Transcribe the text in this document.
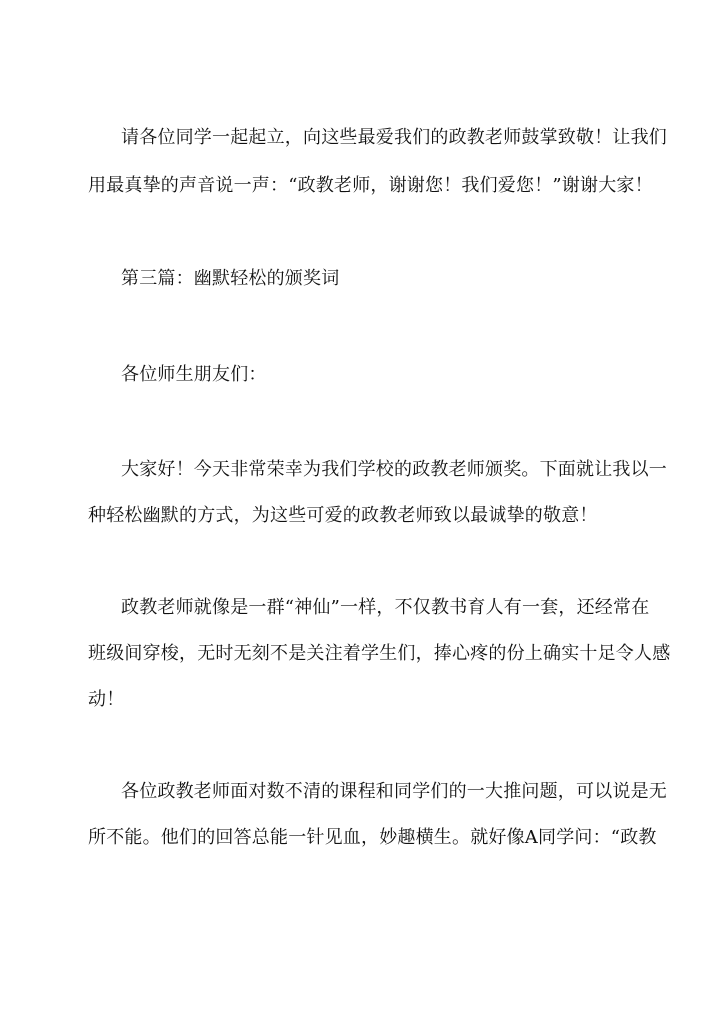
请各位同学一起起立，向这些最爱我们的政教老师鼓掌致敬！让我们
用最真挚的声音说一声：“政教老师，谢谢您！我们爱您！”谢谢大家！
第三篇：幽默轻松的颁奖词
各位师生朋友们：
大家好！今天非常荣幸为我们学校的政教老师颁奖。下面就让我以一
种轻松幽默的方式，为这些可爱的政教老师致以最诚挚的敬意！
政教老师就像是一群“神仙”一样，不仅教书育人有一套，还经常在
班级间穿梭，无时无刻不是关注着学生们，捧心疼的份上确实十足令人感
动！
各位政教老师面对数不清的课程和同学们的一大推问题，可以说是无
所不能。他们的回答总能一针见血，妙趣横生。就好像A同学问：“政教
